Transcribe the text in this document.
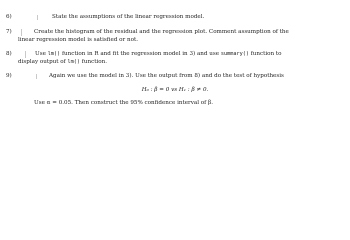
6)	State the assumptions of the linear regression model.
7)	Create the histogram of the residual and the regression plot. Comment assumption of the
linear regression model is satisfied or not.
8)	Use lm() function in R and fit the regression model in 3) and use summary() function to
display output of lm() function.
9)	Again we use the model in 3). Use the output from 8) and do the test of hypothesis
H₀ : β = 0 vs H₁ : β ≠ 0.
Use α = 0.05. Then construct the 95% confidence interval of β.
